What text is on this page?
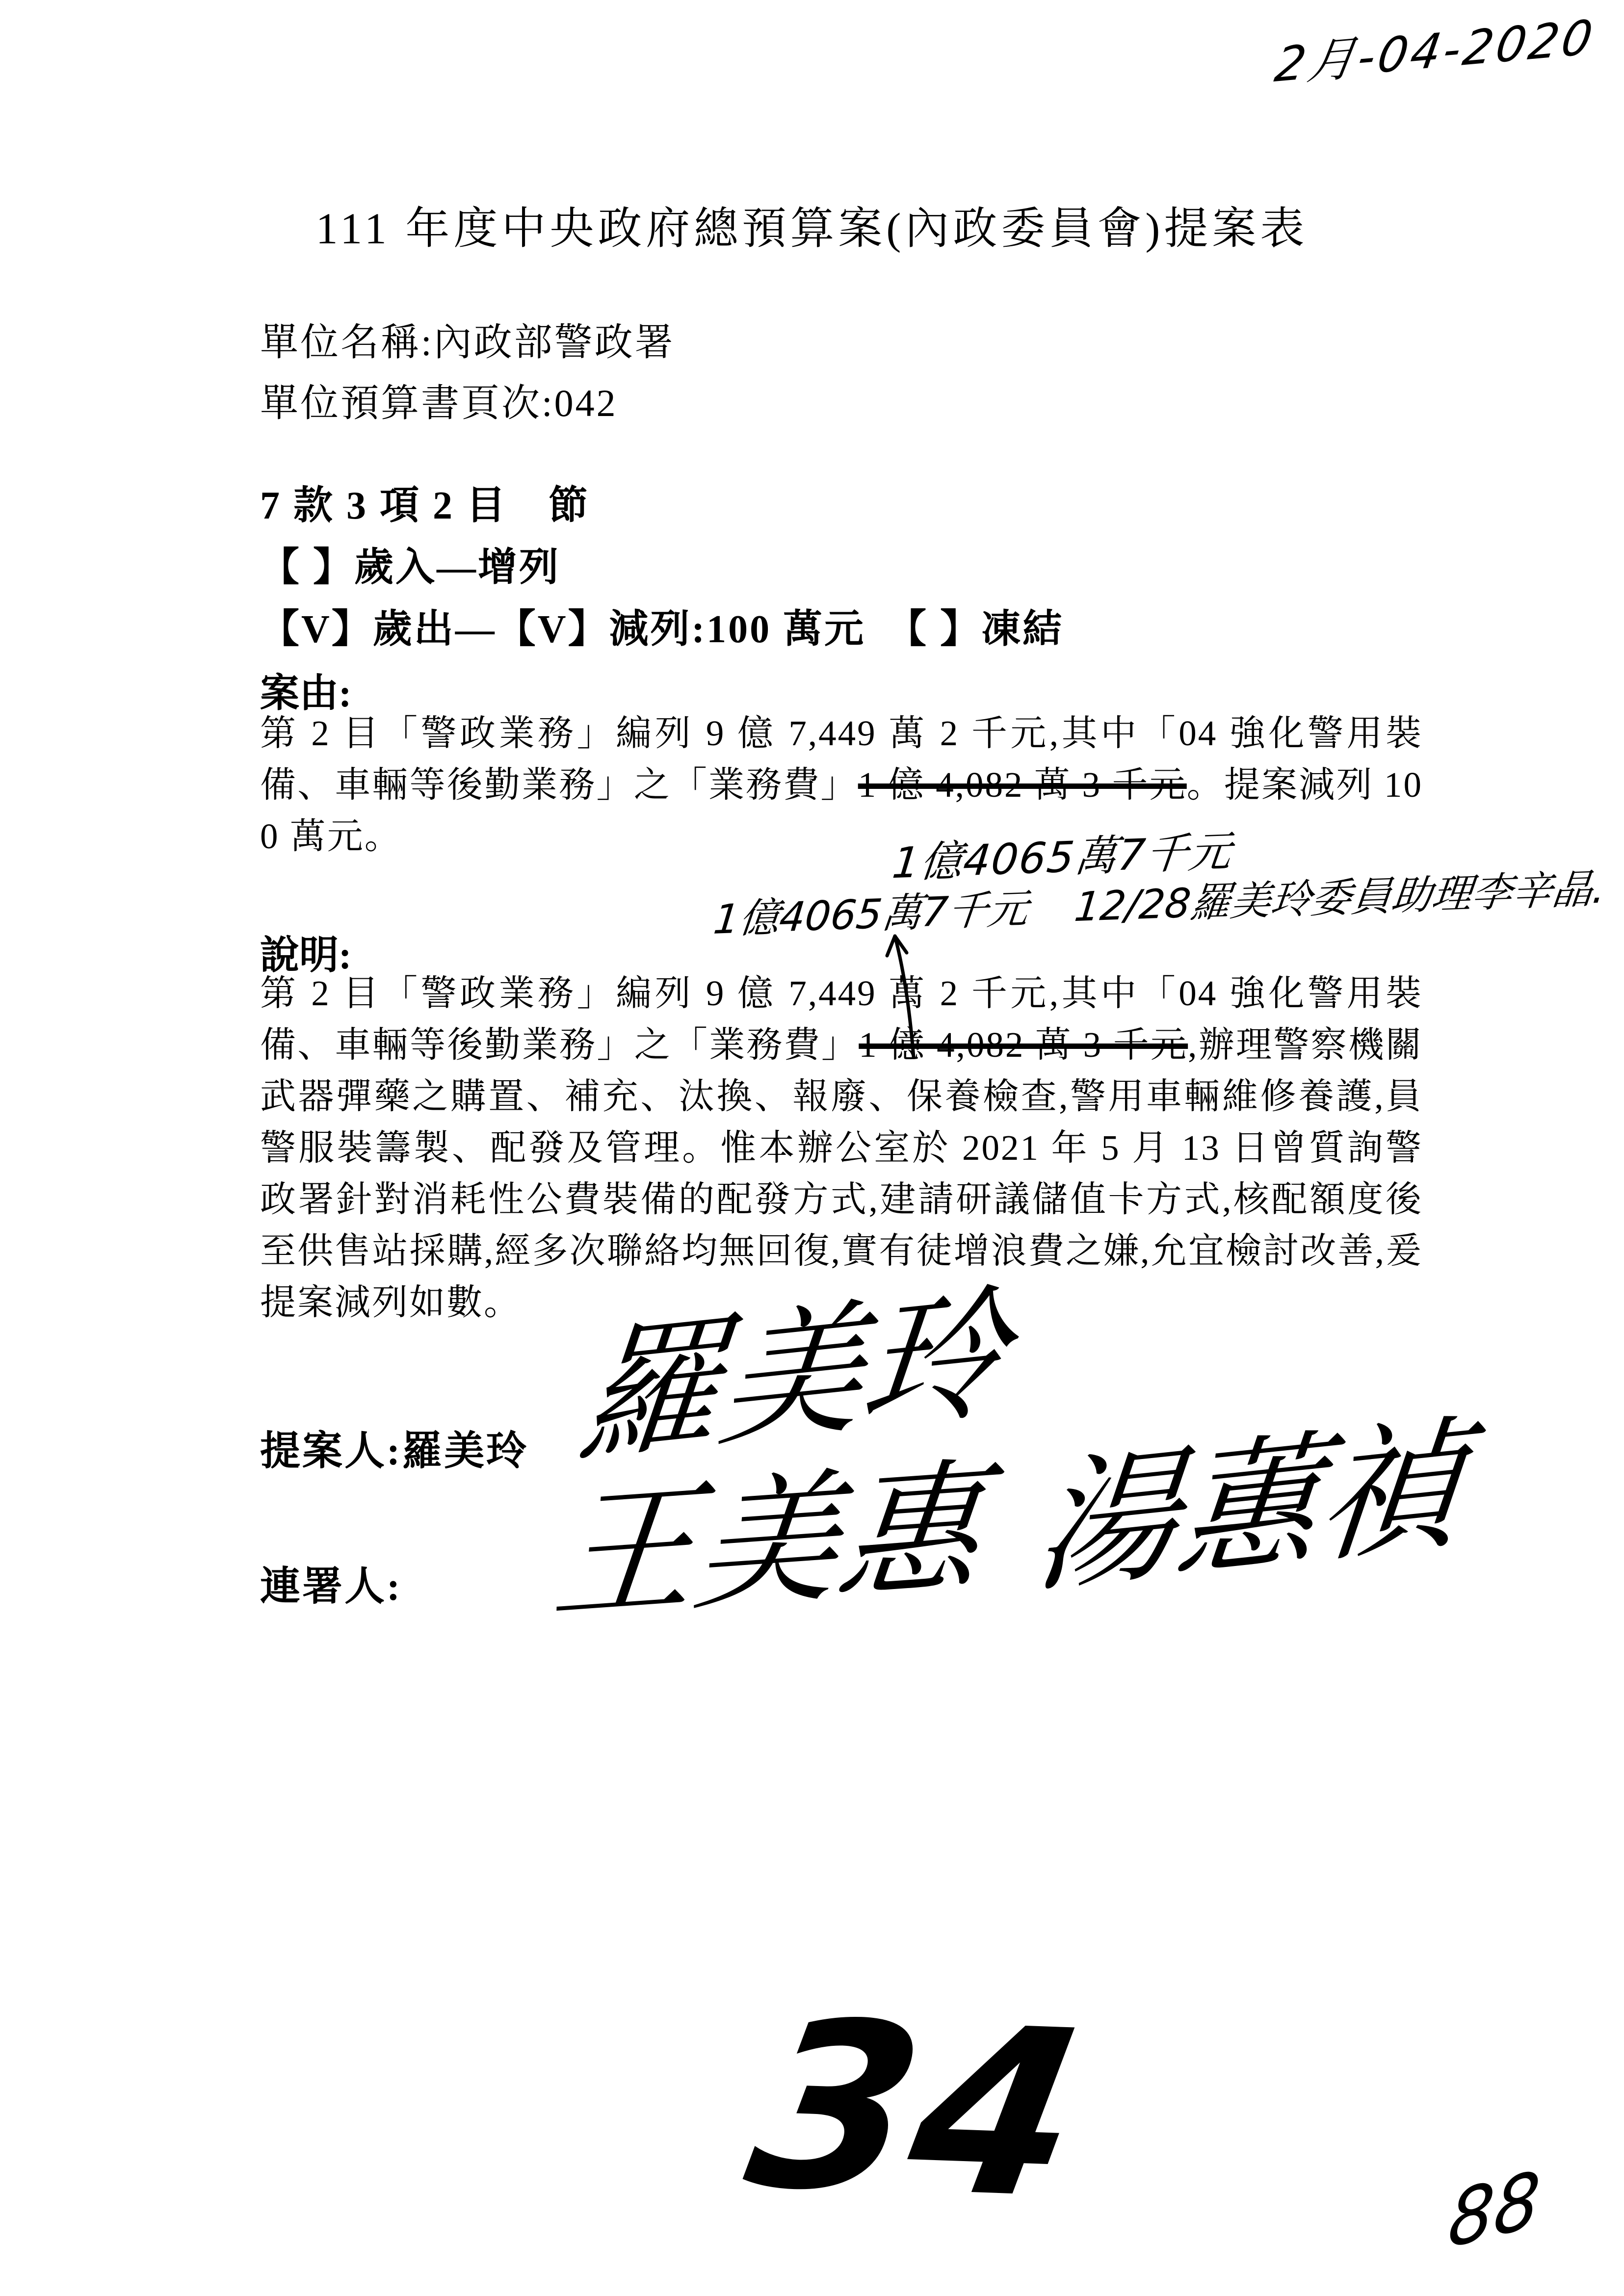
2月-04-2020
111 年度中央政府總預算案(內政委員會)提案表
單位名稱:內政部警政署
單位預算書頁次:042
7 款 3 項 2 目　節
【 】歲入—增列
【V】歲出—【V】減列:100 萬元　【 】凍結
案由:

第 2 目「警政業務」編列 9 億 7,449 萬 2 千元,其中「04 強化警用裝備、車輛等後勤業務」之「業務費」1 億 4,082 萬 3 千元。提案減列 100 萬元。	1億4065萬7千元
1億4065萬7千元 12/28羅美玲委員助理李辛晶.
說明:

第 2 目「警政業務」編列 9 億 7,449 萬 2 千元,其中「04 強化警用裝備、車輛等後勤業務」之「業務費」1 億 4,082 萬 3 千元,辦理警察機關武器彈藥之購置、補充、汰換、報廢、保養檢查,警用車輛維修養護,員警服裝籌製、配發及管理。惟本辦公室於 2021 年 5 月 13 日曾質詢警政署針對消耗性公費裝備的配發方式,建請研議儲值卡方式,核配額度後至供售站採購,經多次聯絡均無回復,實有徒增浪費之嫌,允宜檢討改善,爰提案減列如數。

提案人:羅美玲 羅美玲
連署人: 王美惠 湯蕙禎
34	88
